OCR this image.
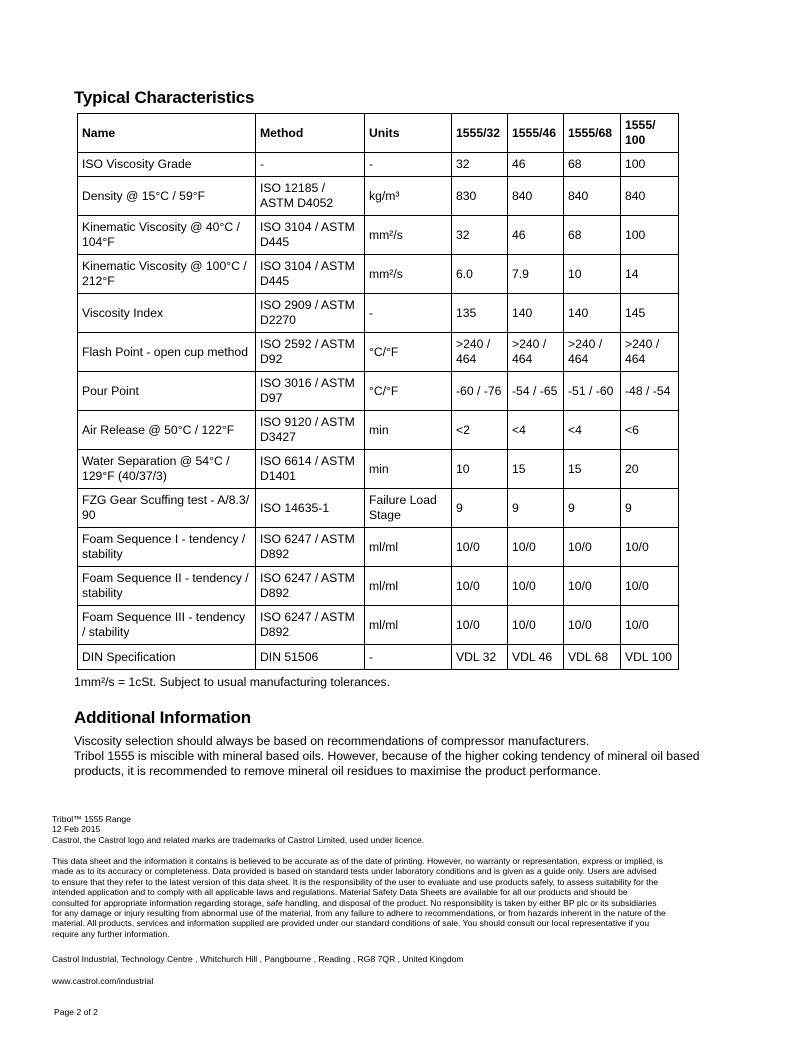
Typical Characteristics
Name	Method	Units	1555/32	1555/46	1555/68	1555/ 100
ISO Viscosity Grade	-	-	32	46	68	100
Density @ 15°C / 59°F	ISO 12185 / ASTM D4052	kg/m³	830	840	840	840
Kinematic Viscosity @ 40°C / 104°F	ISO 3104 / ASTM D445	mm²/s	32	46	68	100
Kinematic Viscosity @ 100°C / 212°F	ISO 3104 / ASTM D445	mm²/s	6.0	7.9	10	14
Viscosity Index	ISO 2909 / ASTM D2270	-	135	140	140	145
Flash Point - open cup method	ISO 2592 / ASTM D92	°C/°F	>240 / 464	>240 / 464	>240 / 464	>240 / 464
Pour Point	ISO 3016 / ASTM D97	°C/°F	-60 / -76	-54 / -65	-51 / -60	-48 / -54
Air Release @ 50°C / 122°F	ISO 9120 / ASTM D3427	min	<2	<4	<4	<6
Water Separation @ 54°C / 129°F (40/37/3)	ISO 6614 / ASTM D1401	min	10	15	15	20
FZG Gear Scuffing test - A/8.3/ 90	ISO 14635-1	Failure Load Stage	9	9	9	9
Foam Sequence I - tendency / stability	ISO 6247 / ASTM D892	ml/ml	10/0	10/0	10/0	10/0
Foam Sequence II - tendency / stability	ISO 6247 / ASTM D892	ml/ml	10/0	10/0	10/0	10/0
Foam Sequence III - tendency / stability	ISO 6247 / ASTM D892	ml/ml	10/0	10/0	10/0	10/0
DIN Specification	DIN 51506	-	VDL 32	VDL 46	VDL 68	VDL 100
1mm²/s = 1cSt. Subject to usual manufacturing tolerances.
Additional Information
Viscosity selection should always be based on recommendations of compressor manufacturers.
Tribol 1555 is miscible with mineral based oils. However, because of the higher coking tendency of mineral oil based
products, it is recommended to remove mineral oil residues to maximise the product performance.
Tribol™ 1555 Range
12 Feb 2015
Castrol, the Castrol logo and related marks are trademarks of Castrol Limited, used under licence.
This data sheet and the information it contains is believed to be accurate as of the date of printing. However, no warranty or representation, express or implied, is
made as to its accuracy or completeness. Data provided is based on standard tests under laboratory conditions and is given as a guide only. Users are advised
to ensure that they refer to the latest version of this data sheet. It is the responsibility of the user to evaluate and use products safely, to assess suitability for the
intended application and to comply with all applicable laws and regulations. Material Safety Data Sheets are available for all our products and should be
consulted for appropriate information regarding storage, safe handling, and disposal of the product. No responsibility is taken by either BP plc or its subsidiaries
for any damage or injury resulting from abnormal use of the material, from any failure to adhere to recommendations, or from hazards inherent in the nature of the
material. All products, services and information supplied are provided under our standard conditions of sale. You should consult our local representative if you
require any further information.
Castrol Industrial, Technology Centre , Whitchurch Hill , Pangbourne , Reading , RG8 7QR , United Kingdom
www.castrol.com/industrial
Page 2 of 2
